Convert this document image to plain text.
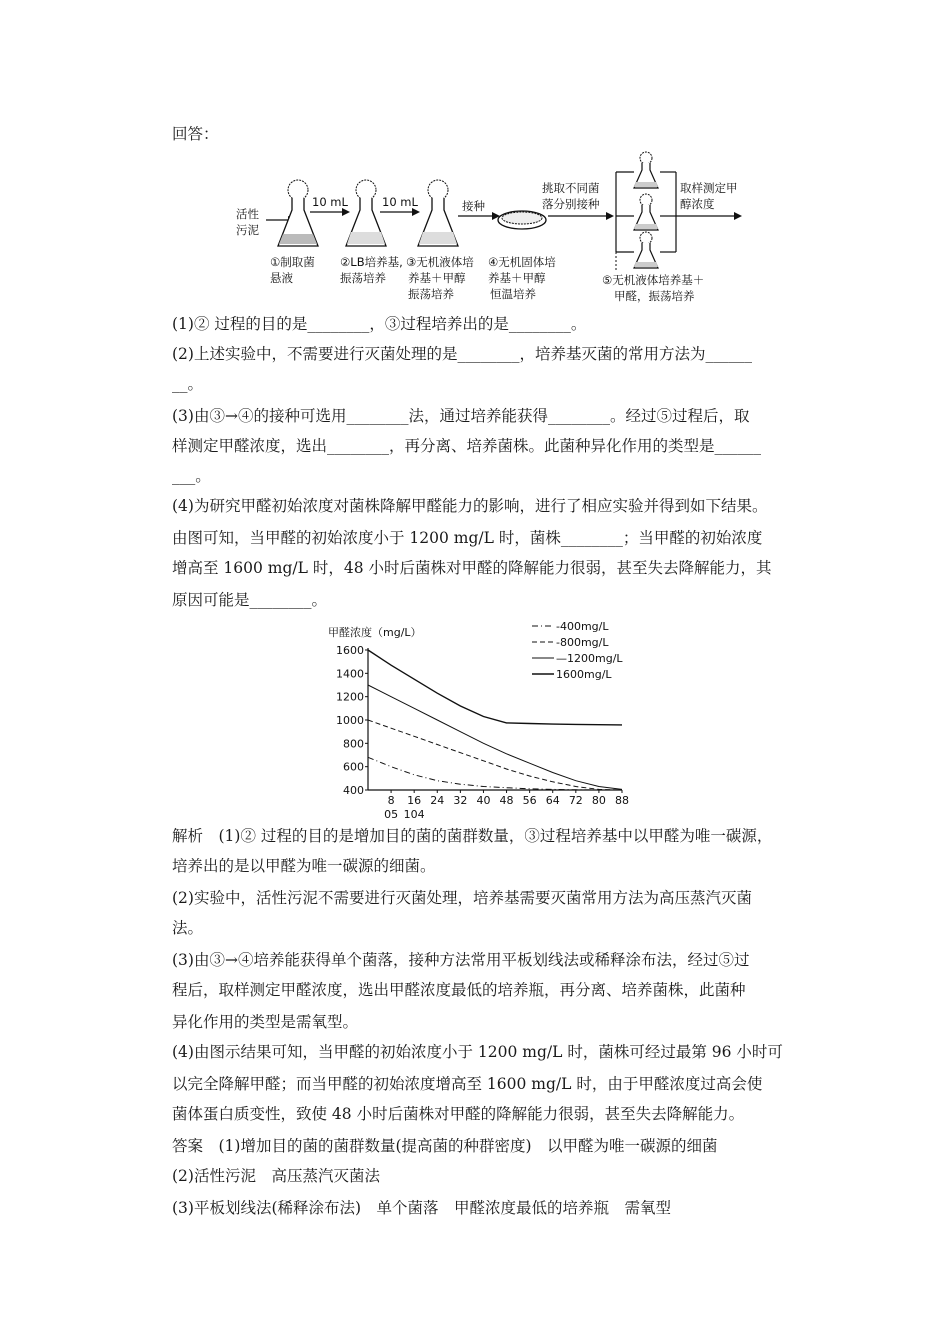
回答：
活性
污泥
①制取菌
悬液
10 mL
②LB培养基,
振荡培养
10 mL
③无机液体培
养基＋甲醇
振荡培养
接种
④无机固体培
养基＋甲醇
恒温培养
挑取不同菌
落分别接种
取样测定甲
醇浓度
⑤无机液体培养基＋
甲醛，振荡培养
(1)② 过程的目的是________，③过程培养出的是________。
(2)上述实验中，不需要进行灭菌处理的是________，培养基灭菌的常用方法为______
__。
(3)由③→④的接种可选用________法，通过培养能获得________。经过⑤过程后，取
样测定甲醛浓度，选出________，再分离、培养菌株。此菌种异化作用的类型是______
___。
(4)为研究甲醛初始浓度对菌株降解甲醛能力的影响，进行了相应实验并得到如下结果。
由图可知，当甲醛的初始浓度小于 1200 mg/L 时，菌株________；当甲醛的初始浓度
增高至 1600 mg/L 时，48 小时后菌株对甲醛的降解能力很弱，甚至失去降解能力，其
原因可能是________。
甲醛浓度（mg/L）
1600
1400
1200
1000
800
600
400
8 16 24 32 40 48 56 64 72 80 88
05 104
-400mg/L
-800mg/L
—1200mg/L
1600mg/L
解析　(1)② 过程的目的是增加目的菌的菌群数量，③过程培养基中以甲醛为唯一碳源，
培养出的是以甲醛为唯一碳源的细菌。
(2)实验中，活性污泥不需要进行灭菌处理，培养基需要灭菌常用方法为高压蒸汽灭菌
法。
(3)由③→④培养能获得单个菌落，接种方法常用平板划线法或稀释涂布法，经过⑤过
程后，取样测定甲醛浓度，选出甲醛浓度最低的培养瓶，再分离、培养菌株，此菌种
异化作用的类型是需氧型。
(4)由图示结果可知，当甲醛的初始浓度小于 1200 mg/L 时，菌株可经过最第 96 小时可
以完全降解甲醛；而当甲醛的初始浓度增高至 1600 mg/L 时，由于甲醛浓度过高会使
菌体蛋白质变性，致使 48 小时后菌株对甲醛的降解能力很弱，甚至失去降解能力。
答案　(1)增加目的菌的菌群数量(提高菌的种群密度)　以甲醛为唯一碳源的细菌
(2)活性污泥　高压蒸汽灭菌法
(3)平板划线法(稀释涂布法)　单个菌落　甲醛浓度最低的培养瓶　需氧型
